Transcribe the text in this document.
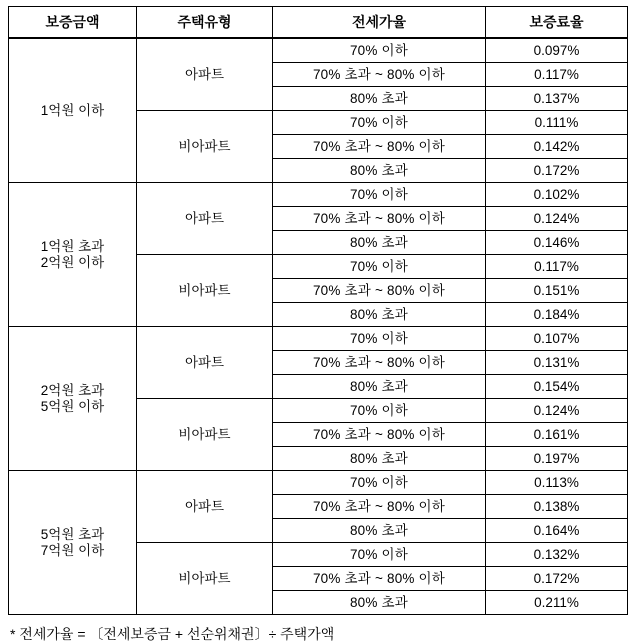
보증금액	주택유형	전세가율	보증료율

1억원 이하	아파트	70% 이하	0.097%
		70% 초과 ~ 80% 이하	0.117%
		80% 초과	0.137%
	비아파트	70% 이하	0.111%
		70% 초과 ~ 80% 이하	0.142%
		80% 초과	0.172%

1억원 초과
2억원 이하	아파트	70% 이하	0.102%
		70% 초과 ~ 80% 이하	0.124%
		80% 초과	0.146%
	비아파트	70% 이하	0.117%
		70% 초과 ~ 80% 이하	0.151%
		80% 초과	0.184%

2억원 초과
5억원 이하	아파트	70% 이하	0.107%
		70% 초과 ~ 80% 이하	0.131%
		80% 초과	0.154%
	비아파트	70% 이하	0.124%
		70% 초과 ~ 80% 이하	0.161%
		80% 초과	0.197%

5억원 초과
7억원 이하	아파트	70% 이하	0.113%
		70% 초과 ~ 80% 이하	0.138%
		80% 초과	0.164%
	비아파트	70% 이하	0.132%
		70% 초과 ~ 80% 이하	0.172%
		80% 초과	0.211%
* 전세가율 = 〔전세보증금 + 선순위채권〕÷ 주택가액
